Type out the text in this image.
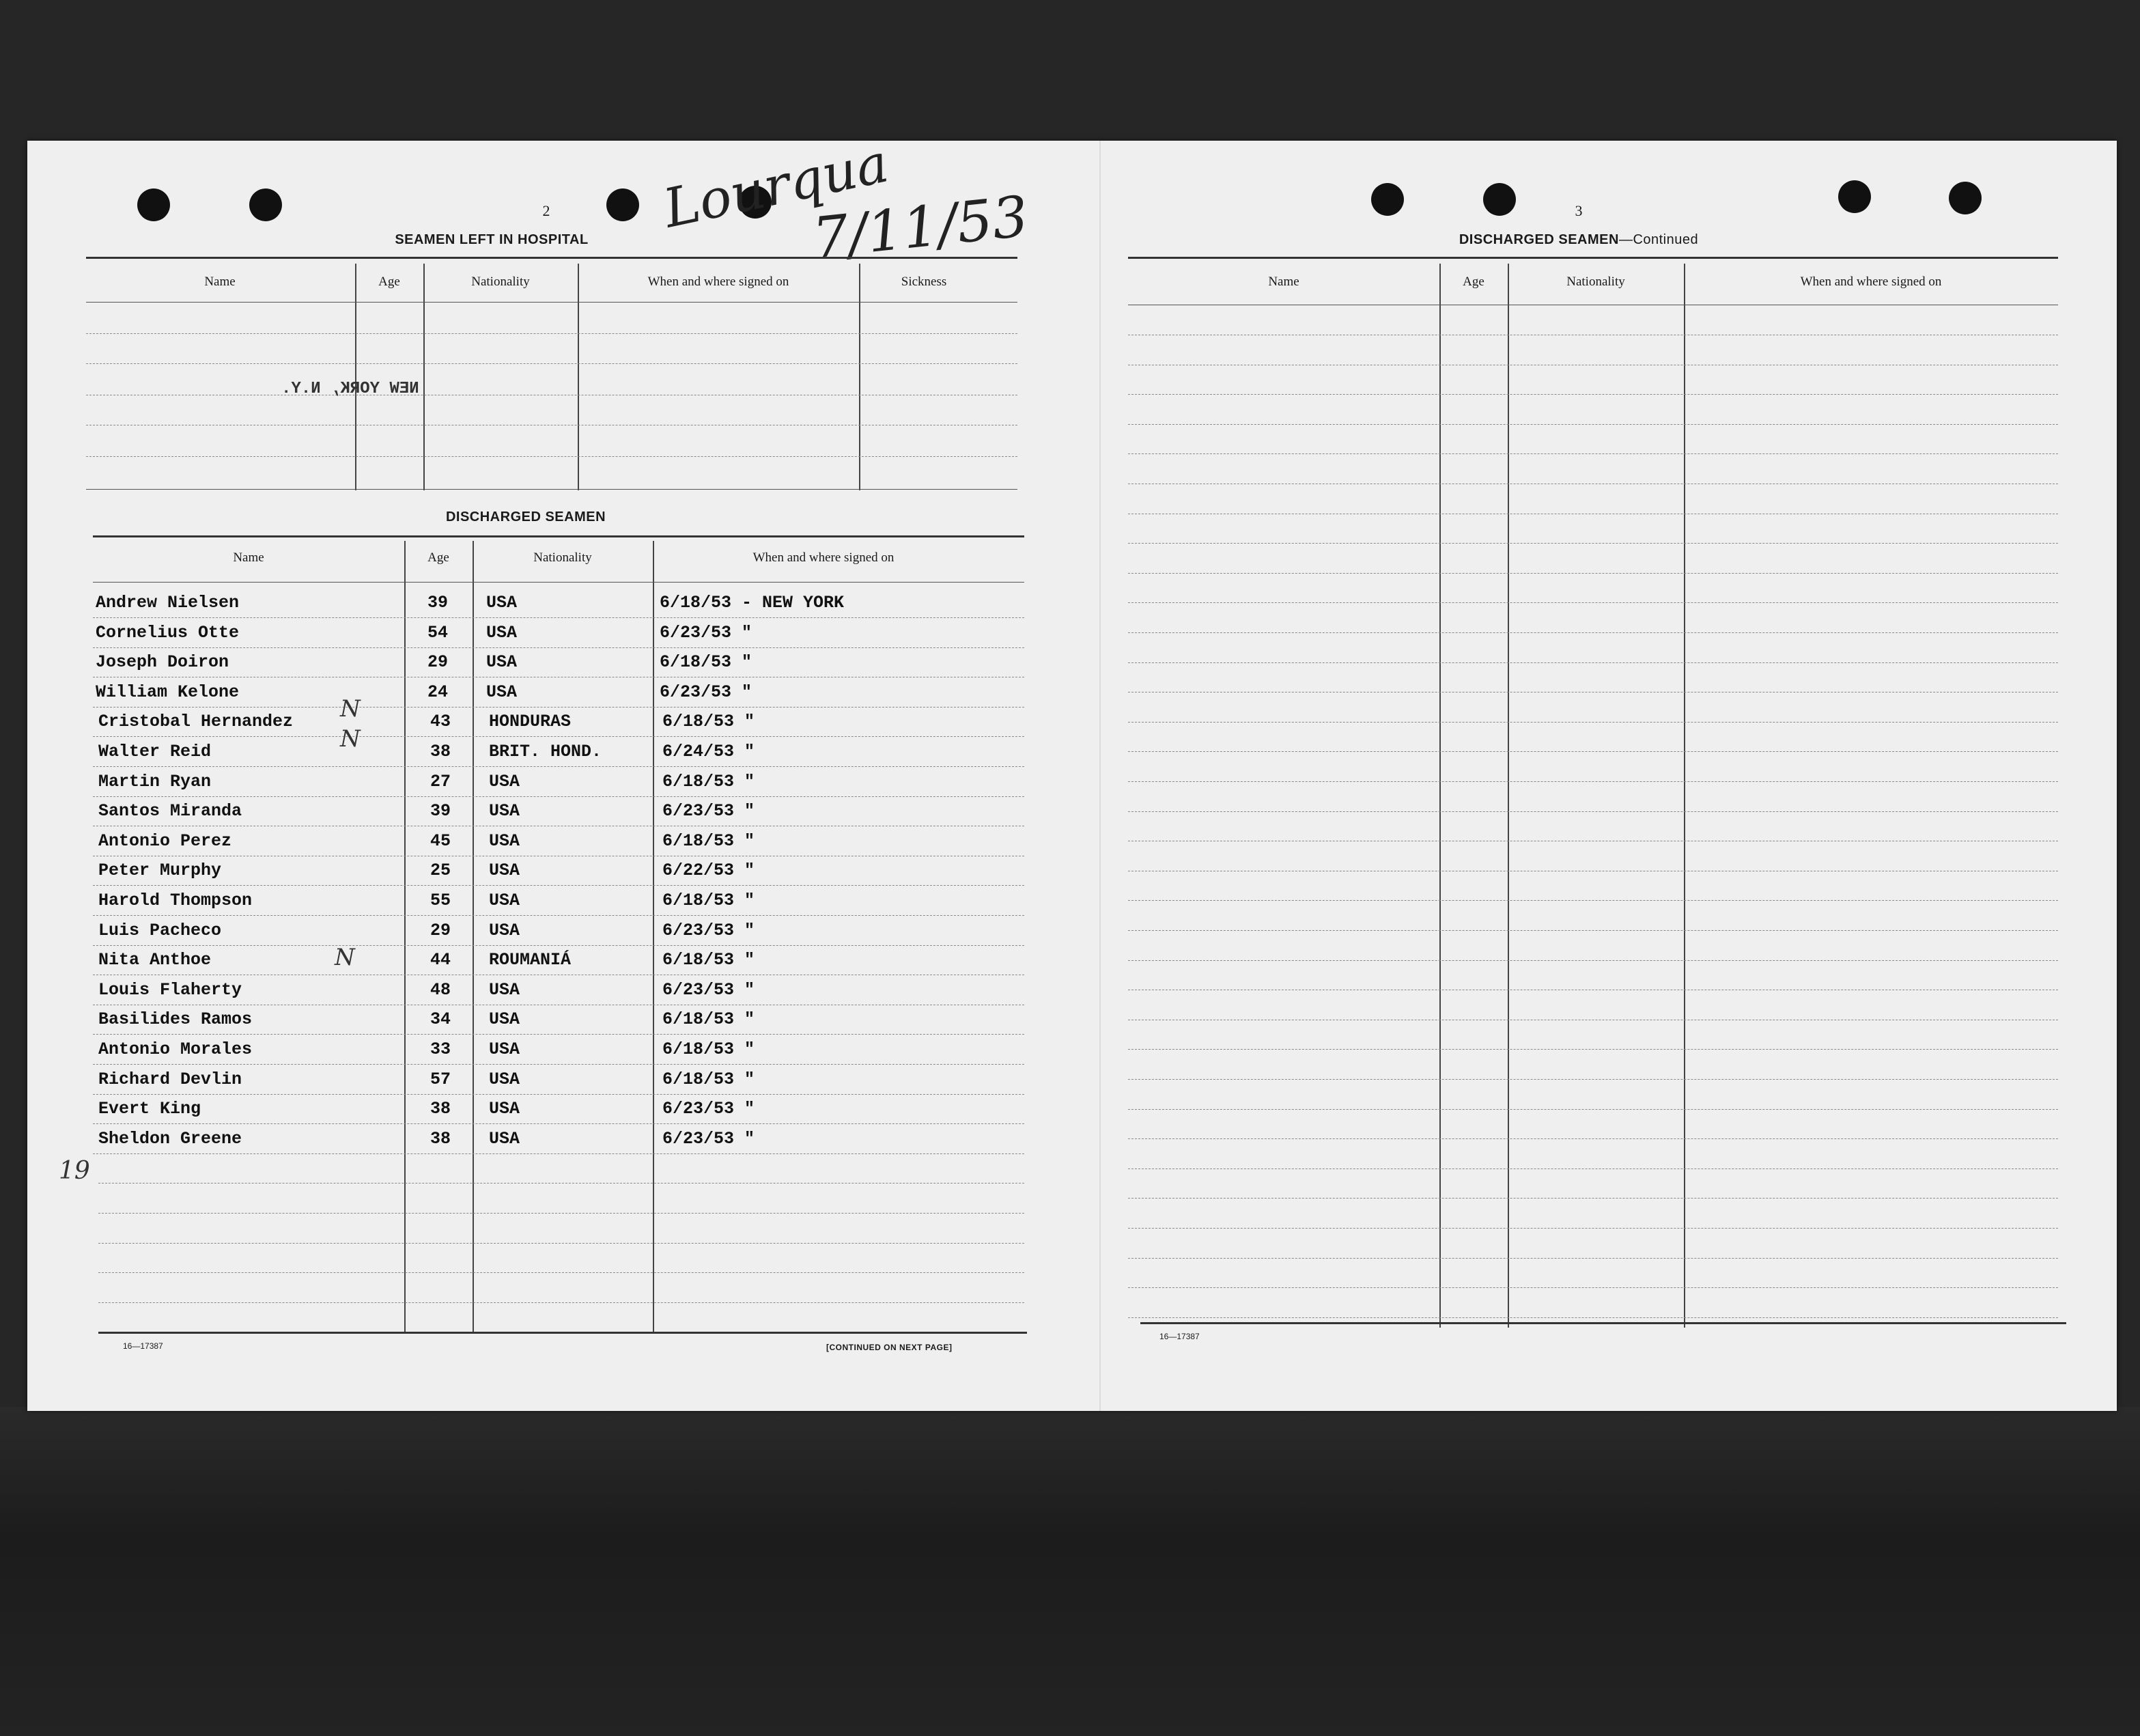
2	Lourqua
7/11/53
SEAMEN LEFT IN HOSPITAL
Name	Age	Nationality	When and where signed on	Sickness
NEW YORK, N.Y.
DISCHARGED SEAMEN
Name	Age	Nationality	When and where signed on
Andrew Nielsen	39 USA	6/18/53 - NEW YORK
Cornelius Otte	54 USA	6/23/53 "
Joseph Doiron	29 USA	6/18/53 "
William Kelone	24 USA	6/23/53 "
Cristobal Hernandez	43 HONDURAS	6/18/53 "
Walter Reid	38 BRIT. HOND.	6/24/53 "
Martin Ryan	27 USA	6/18/53 "
Santos Miranda	39 USA	6/23/53 "
Antonio Perez	45 USA	6/18/53 "
Peter Murphy	25 USA	6/22/53 "
Harold Thompson	55 USA	6/18/53 "
Luis Pacheco	29 USA	6/23/53 "
Nita Anthoe	44 ROUMANIÁ	6/18/53 "
Louis Flaherty	48 USA	6/23/53 "
Basilides Ramos	34 USA	6/18/53 "
Antonio Morales	33 USA	6/18/53 "
Richard Devlin	57 USA	6/18/53 "
Evert King	38 USA	6/23/53 "
Sheldon Greene	38 USA	6/23/53 "
16—17387	[CONTINUED ON NEXT PAGE]
N
N
N
19
3
DISCHARGED SEAMEN—Continued
Name	Age	Nationality	When and where signed on
16—17387
